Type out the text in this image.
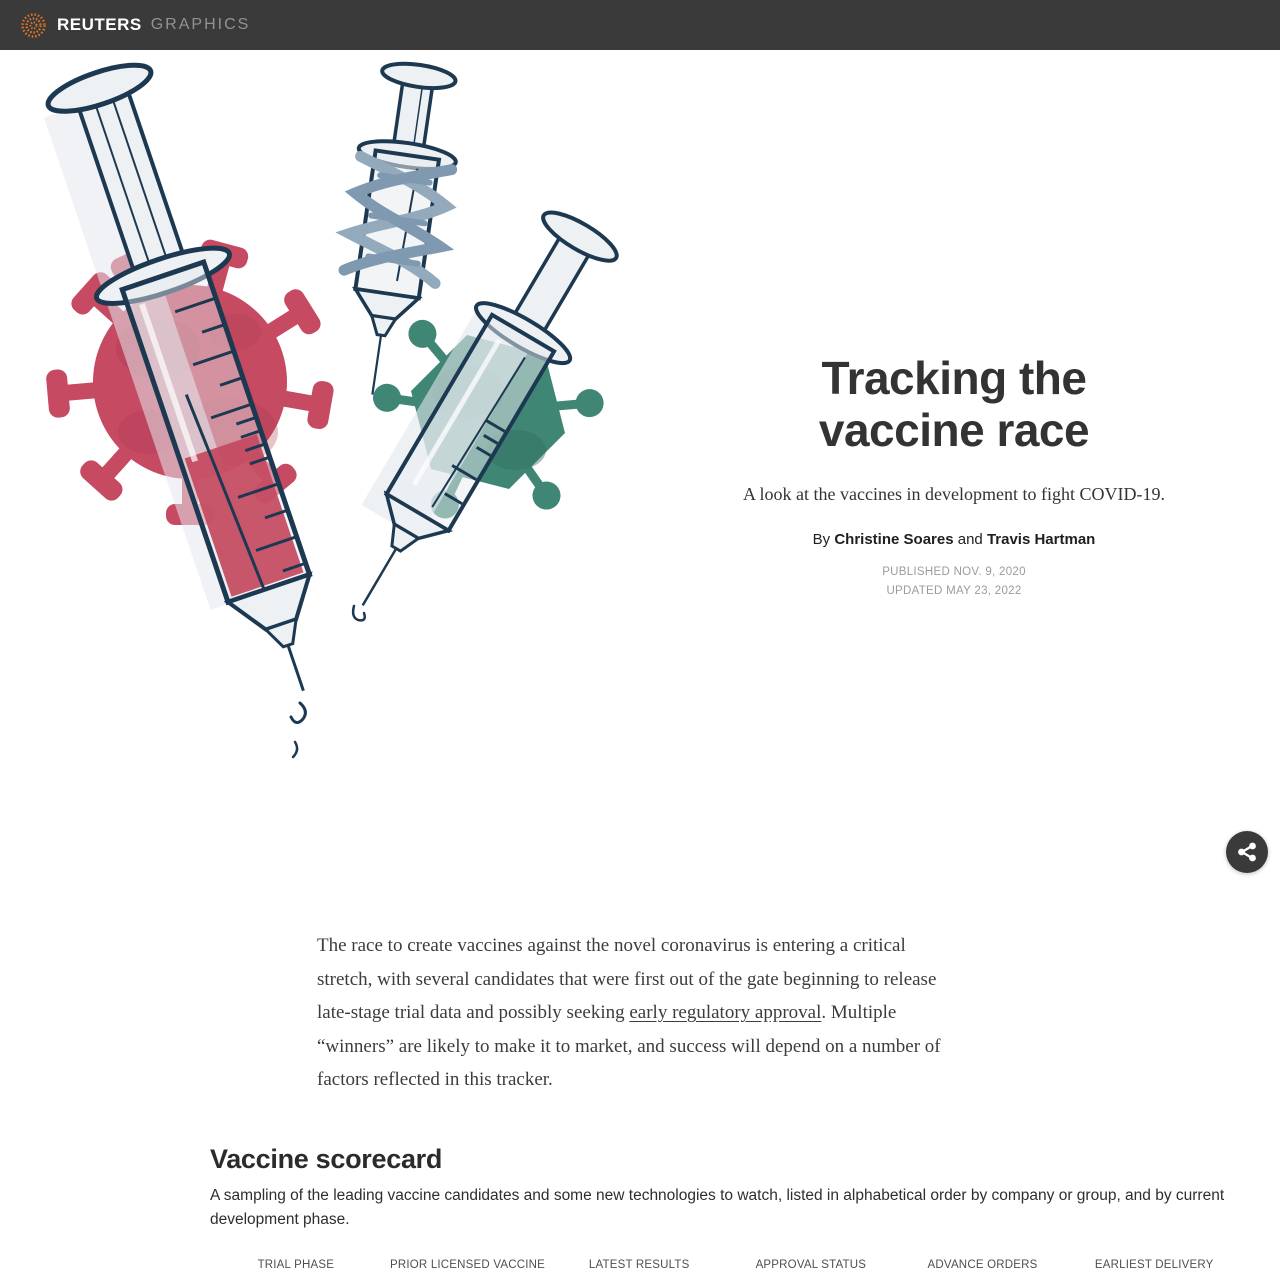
REUTERS GRAPHICS
Tracking the
vaccine race

A look at the vaccines in development to fight COVID-19.

By Christine Soares and Travis Hartman

PUBLISHED NOV. 9, 2020
UPDATED MAY 23, 2022

The race to create vaccines against the novel coronavirus is entering a critical stretch, with several candidates that were first out of the gate beginning to release late-stage trial data and possibly seeking early regulatory approval. Multiple “winners” are likely to make it to market, and success will depend on a number of factors reflected in this tracker.

Vaccine scorecard

A sampling of the leading vaccine candidates and some new technologies to watch, listed in alphabetical order by company or group, and by current development phase.

TRIAL PHASE	PRIOR LICENSED VACCINE	LATEST RESULTS	APPROVAL STATUS	ADVANCE ORDERS	EARLIEST DELIVERY
